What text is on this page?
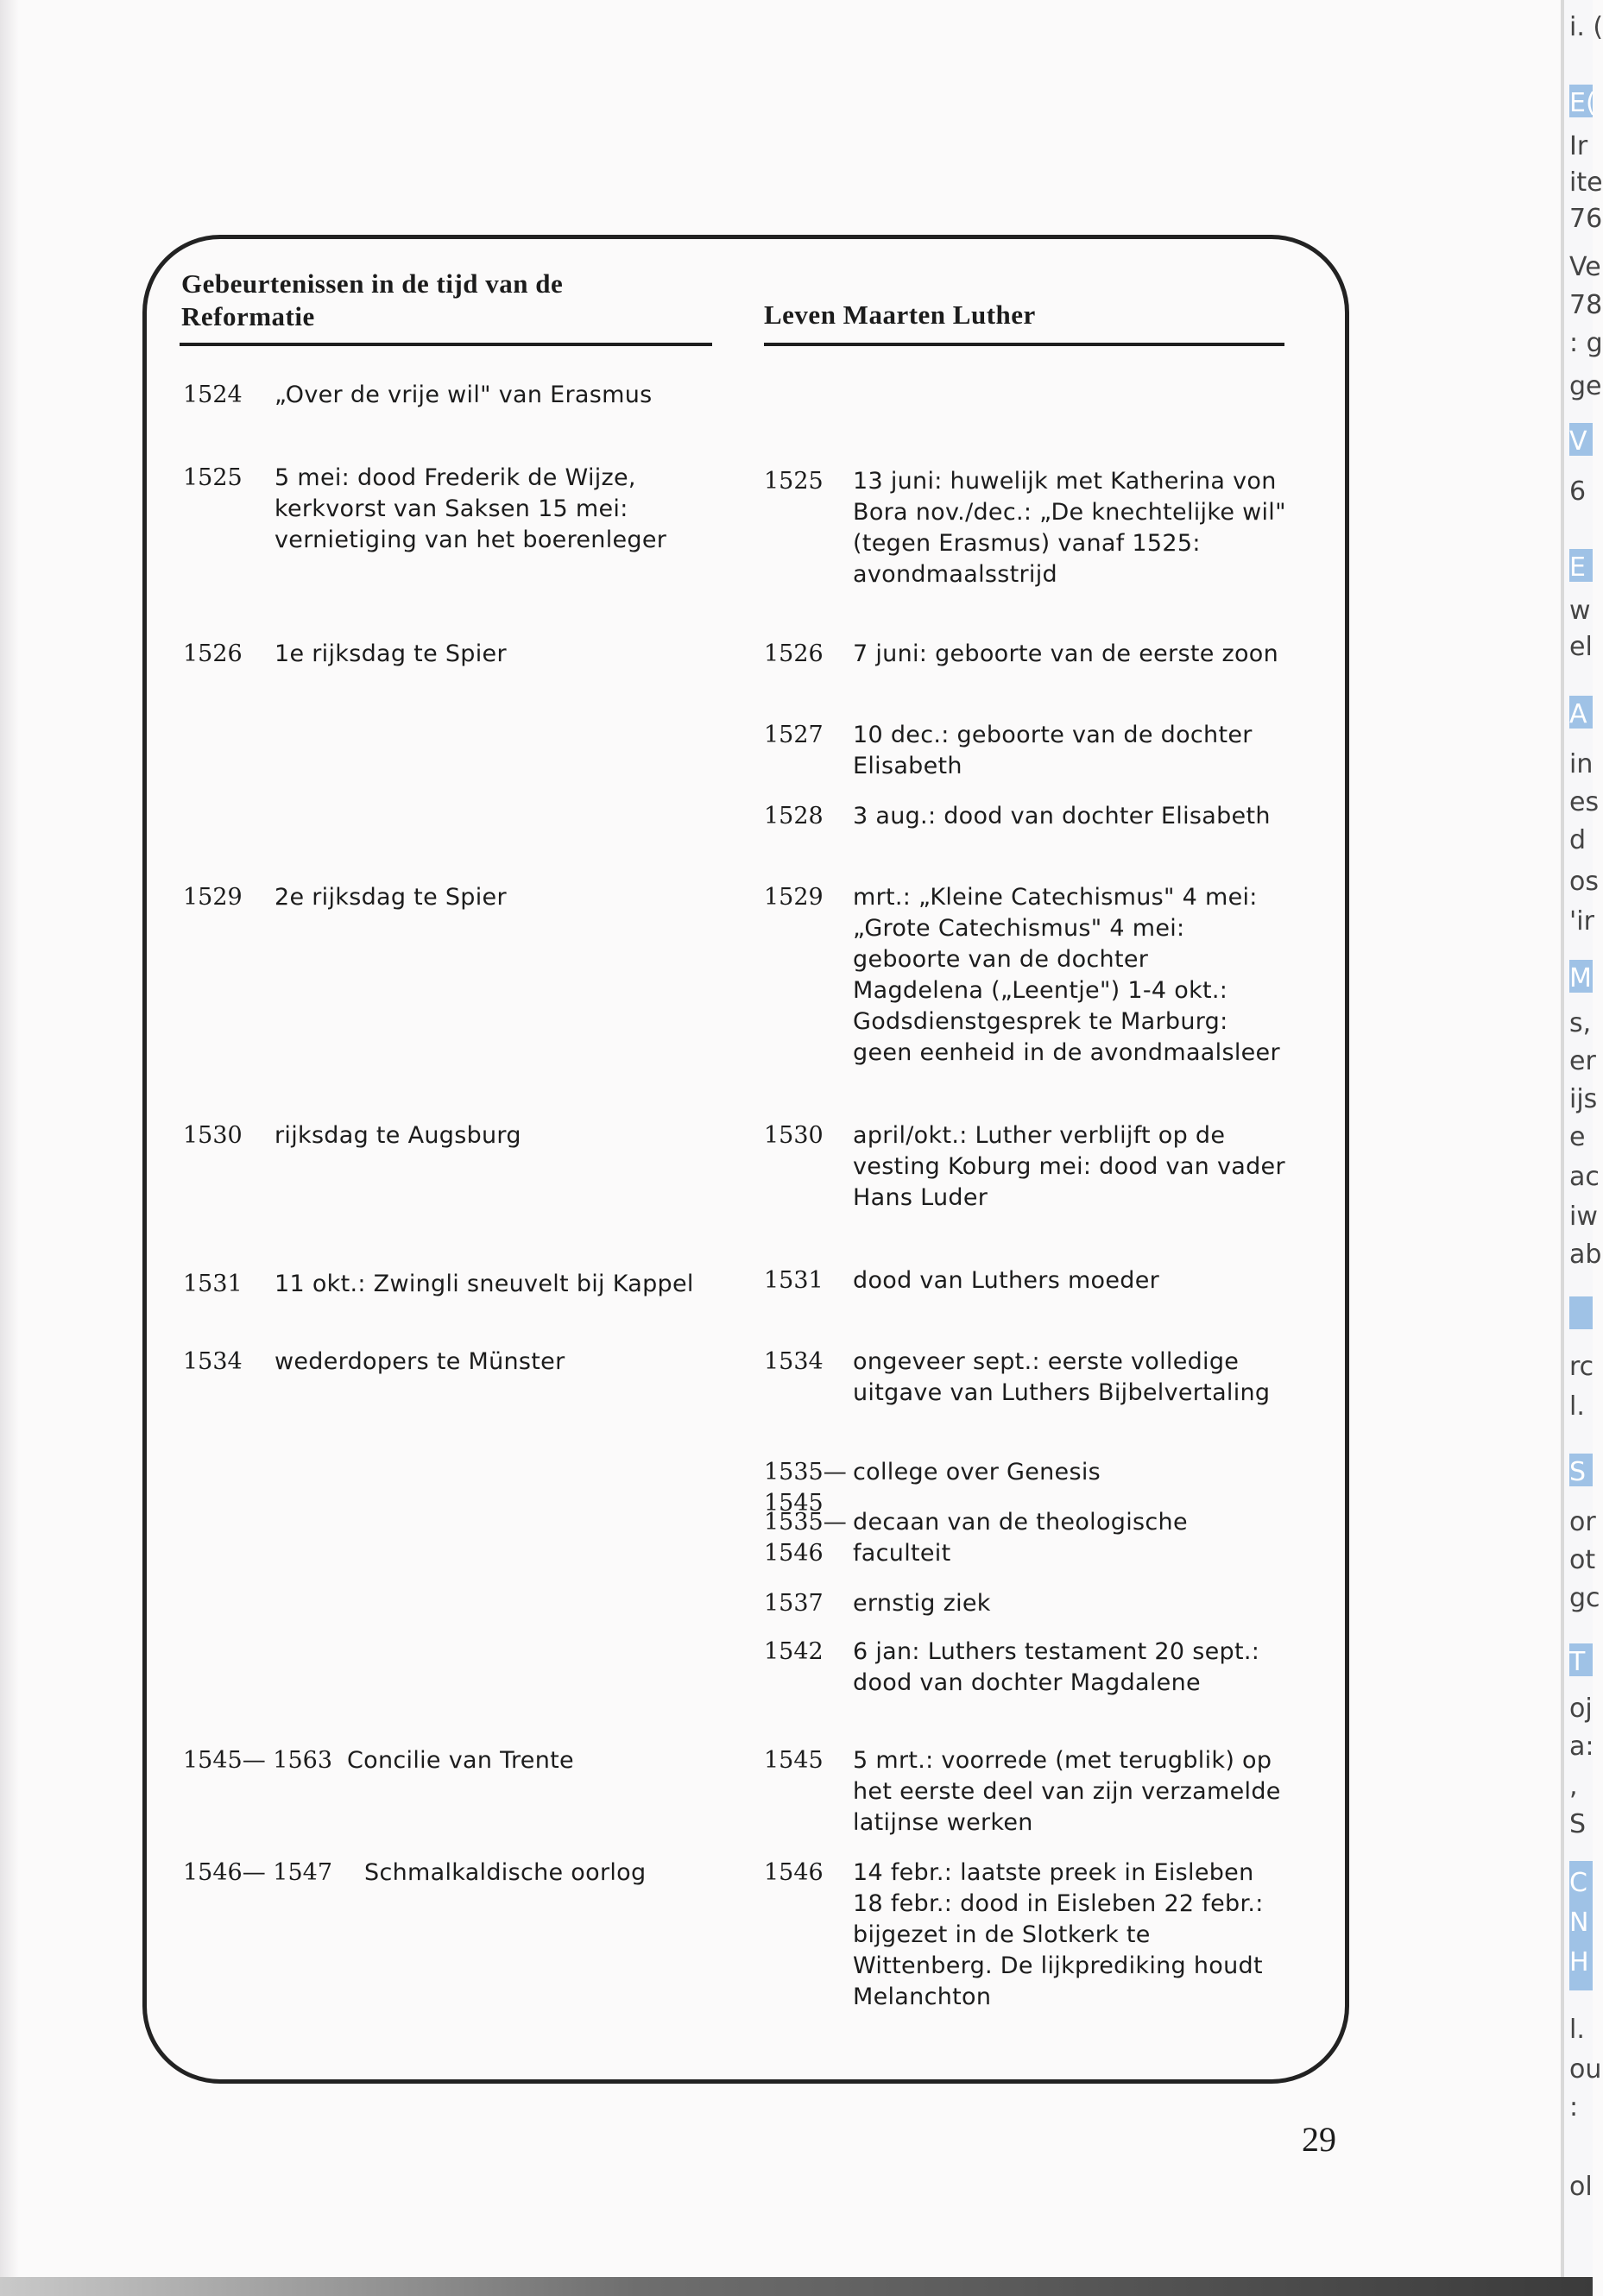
Gebeurtenissen in de tijd van de Reformatie	Leven Maarten Luther
1524 „Over de vrije wil" van Erasmus
1525 5 mei: dood Frederik de Wijze, kerkvorst van Saksen 15 mei: vernietiging van het boerenleger
1526 1e rijksdag te Spier
1529 2e rijksdag te Spier
1530 rijksdag te Augsburg
1531 11 okt.: Zwingli sneuvelt bij Kappel
1534 wederdopers te Münster
1545— 1563 Concilie van Trente
1546— 1547	Schmalkaldische oorlog
1525 13 juni: huwelijk met Katherina von Bora nov./dec.: „De knechtelijke wil" (tegen Erasmus) vanaf 1525: avondmaalsstrijd
1526 7 juni: geboorte van de eerste zoon
1527 10 dec.: geboorte van de dochter Elisabeth
1528 3 aug.: dood van dochter Elisabeth
1529 mrt.: „Kleine Catechismus" 4 mei: „Grote Catechismus" 4 mei: geboorte van de dochter Magdelena („Leentje") 1-4 okt.: Godsdienstgesprek te Marburg: geen eenheid in de avondmaalsleer
1530 april/okt.: Luther verblijft op de vesting Koburg mei: dood van vader Hans Luder
1531 dood van Luthers moeder
1534 ongeveer sept.: eerste volledige uitgave van Luthers Bijbelvertaling
1535— 1545
college over Genesis
1535— 1546
decaan van de theologische faculteit
1537 ernstig ziek
1542 6 jan: Luthers testament 20 sept.: dood van dochter Magdalene
1545 5 mrt.: voorrede (met terugblik) op het eerste deel van zijn verzamelde latijnse werken
1546 14 febr.: laatste preek in Eisleben 18 febr.: dood in Eisleben 22 febr.: bijgezet in de Slotkerk te Wittenberg. De lijkprediking houdt Melanchton
29
i. (
E(
Ir
ite
76
Ve
78
: g
ge
V
6
E
w
el
A
in
es
d
os
'ir
M
s,
er
ijs
e
ac
iw
ab
rc
l.
S
or
ot
gc
T
oj
a:
,
S
C
N
H
l.
ou
:
ol
